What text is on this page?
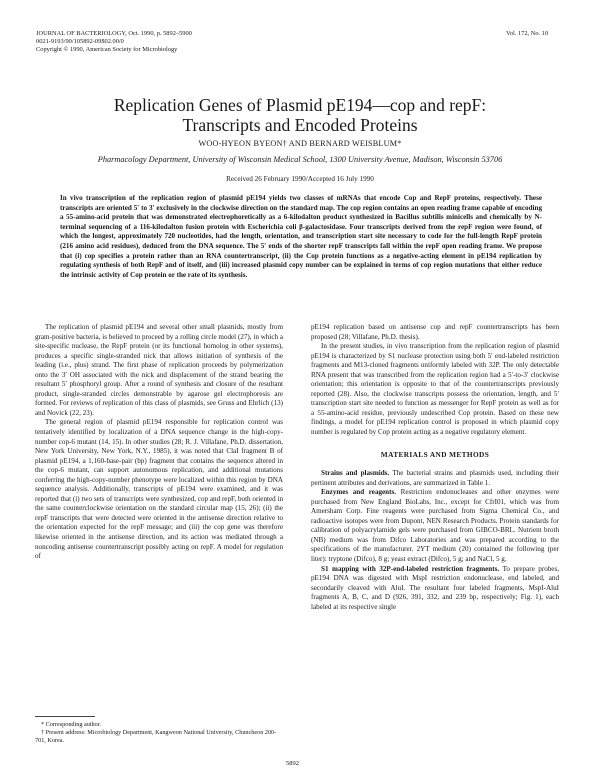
JOURNAL OF BACTERIOLOGY, Oct. 1990, p. 5892–5900
0021-9193/90/105892-09$02.00/0
Copyright © 1990, American Society for Microbiology
Vol. 172, No. 10
Replication Genes of Plasmid pE194—cop and repF:
Transcripts and Encoded Proteins
WOO-HYEON BYEON† AND BERNARD WEISBLUM*
Pharmacology Department, University of Wisconsin Medical School, 1300 University Avenue, Madison, Wisconsin 53706
Received 26 February 1990/Accepted 16 July 1990
In vivo transcription of the replication region of plasmid pE194 yields two classes of mRNAs that encode Cop and RepF proteins, respectively. These transcripts are oriented 5′ to 3′ exclusively in the clockwise direction on the standard map. The cop region contains an open reading frame capable of encoding a 55-amino-acid protein that was demonstrated electrophoretically as a 6-kilodalton product synthesized in Bacillus subtilis minicells and chemically by N-terminal sequencing of a 116-kilodalton fusion protein with Escherichia coli β-galactosidase. Four transcripts derived from the repF region were found, of which the longest, approximately 720 nucleotides, had the length, orientation, and transcription start site necessary to code for the full-length RepF protein (216 amino acid residues), deduced from the DNA sequence. The 5′ ends of the shorter repF transcripts fall within the repF open reading frame. We propose that (i) cop specifies a protein rather than an RNA countertranscript, (ii) the Cop protein functions as a negative-acting element in pE194 replication by regulating synthesis of both RepF and of itself, and (iii) increased plasmid copy number can be explained in terms of cop region mutations that either reduce the intrinsic activity of Cop protein or the rate of its synthesis.

The replication of plasmid pE194 and several other small plasmids, mostly from gram-positive bacteria, is believed to proceed by a rolling circle model (27), in which a site-specific nuclease, the RepF protein (or its functional homolog in other systems), produces a specific single-stranded nick that allows initiation of synthesis of the leading (i.e., plus) strand. The first phase of replication proceeds by polymerization onto the 3′ OH associated with the nick and displacement of the strand bearing the resultant 5′ phosphoryl group. After a round of synthesis and closure of the resultant product, single-stranded circles demonstrable by agarose gel electrophoresis are formed. For reviews of replication of this class of plasmids, see Gruss and Ehrlich (13) and Novick (22, 23).

The general region of plasmid pE194 responsible for replication control was tentatively identified by localization of a DNA sequence change in the high-copy-number cop-6 mutant (14, 15). In other studies (28; R. J. Villafane, Ph.D. dissertation, New York University, New York, N.Y., 1985), it was noted that ClaI fragment B of plasmid pE194, a 1,160-base-pair (bp) fragment that contains the sequence altered in the cop-6 mutant, can support autonomous replication, and additional mutations conferring the high-copy-number phenotype were localized within this region by DNA sequence analysis. Additionally, transcripts of pE194 were examined, and it was reported that (i) two sets of transcripts were synthesized, cop and repF, both oriented in the same counterclockwise orientation on the standard circular map (15, 26); (ii) the repF transcripts that were detected were oriented in the antisense direction relative to the orientation expected for the repF message; and (iii) the cop gene was therefore likewise oriented in the antisense direction, and its action was mediated through a noncoding antisense countertranscript possibly acting on repF. A model for regulation of

pE194 replication based on antisense cop and repF countertranscripts has been proposed (28; Villafane, Ph.D. thesis).

In the present studies, in vivo transcription from the replication region of plasmid pE194 is characterized by S1 nuclease protection using both 5′ end-labeled restriction fragments and M13-cloned fragments uniformly labeled with 32P. The only detectable RNA present that was transcribed from the replication region had a 5′-to-3′ clockwise orientation; this orientation is opposite to that of the countertranscripts previously reported (28). Also, the clockwise transcripts possess the orientation, length, and 5′ transcription start site needed to function as messenger for RepF protein as well as for a 55-amino-acid residue, previously undescribed Cop protein. Based on these new findings, a model for pE194 replication control is proposed in which plasmid copy number is regulated by Cop protein acting as a negative regulatory element.

MATERIALS AND METHODS

Strains and plasmids. The bacterial strains and plasmids used, including their pertinent attributes and derivations, are summarized in Table 1.

Enzymes and reagents. Restriction endonucleases and other enzymes were purchased from New England BioLabs, Inc., except for CfrI01, which was from Amersham Corp. Fine reagents were purchased from Sigma Chemical Co., and radioactive isotopes were from Dupont, NEN Research Products. Protein standards for calibration of polyacrylamide gels were purchased from GIBCO-BRL. Nutrient broth (NB) medium was from Difco Laboratories and was prepared according to the specifications of the manufacturer. 2YT medium (20) contained the following (per liter): tryptone (Difco), 8 g; yeast extract (Difco), 5 g; and NaCl, 5 g.

S1 mapping with 32P-end-labeled restriction fragments. To prepare probes, pE194 DNA was digested with MspI restriction endonuclease, end labeled, and secondarily cleaved with AluI. The resultant four labeled fragments, MspI-AluI fragments A, B, C, and D (926, 391, 332, and 239 bp, respectively; Fig. 1), each labeled at its respective single

* Corresponding author.
† Present address: Microbiology Department, Kangweon National University, Chuncheon 200-701, Korea.
5892
